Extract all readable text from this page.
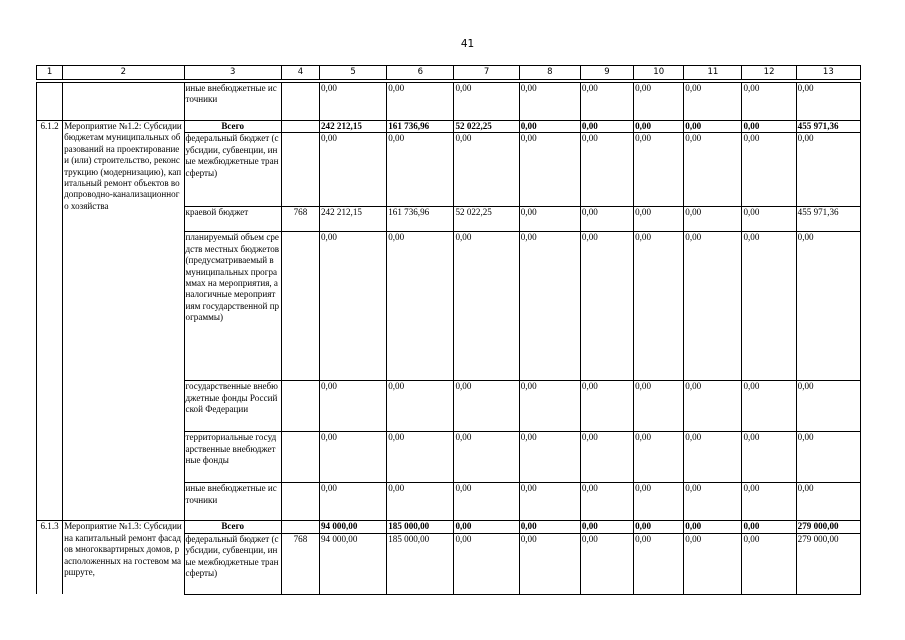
41
1	2	3	4	5	6	7	8	9	10	11	12	13

		иные внебюджетные источники		0,00	0,00	0,00	0,00	0,00	0,00	0,00	0,00	0,00
6.1.2	Мероприятие №1.2: Субсидии бюджетам муниципальных образований на проектирование и (или) строительство, реконструкцию (модернизацию), капитальный ремонт объектов водопроводно-канализационного хозяйства	Всего		242 212,15	161 736,96	52 022,25	0,00	0,00	0,00	0,00	0,00	455 971,36
		федеральный бюджет (субсидии, субвенции, иные межбюджетные трансферты)		0,00	0,00	0,00	0,00	0,00	0,00	0,00	0,00	0,00
		краевой бюджет	768	242 212,15	161 736,96	52 022,25	0,00	0,00	0,00	0,00	0,00	455 971,36
		планируемый объем средств местных бюджетов (предусматриваемый в муниципальных программах на мероприятия, аналогичные мероприятиям государственной программы)		0,00	0,00	0,00	0,00	0,00	0,00	0,00	0,00	0,00
		государственные внебюджетные фонды Российской Федерации		0,00	0,00	0,00	0,00	0,00	0,00	0,00	0,00	0,00
		территориальные государственные внебюджетные фонды		0,00	0,00	0,00	0,00	0,00	0,00	0,00	0,00	0,00
		иные внебюджетные источники		0,00	0,00	0,00	0,00	0,00	0,00	0,00	0,00	0,00
6.1.3	Мероприятие №1.3: Субсидии на капитальный ремонт фасадов многоквартирных домов, расположенных на гостевом маршруте,	Всего		94 000,00	185 000,00	0,00	0,00	0,00	0,00	0,00	0,00	279 000,00
		федеральный бюджет (субсидии, субвенции, иные межбюджетные трансферты)	768	94 000,00	185 000,00	0,00	0,00	0,00	0,00	0,00	0,00	279 000,00
